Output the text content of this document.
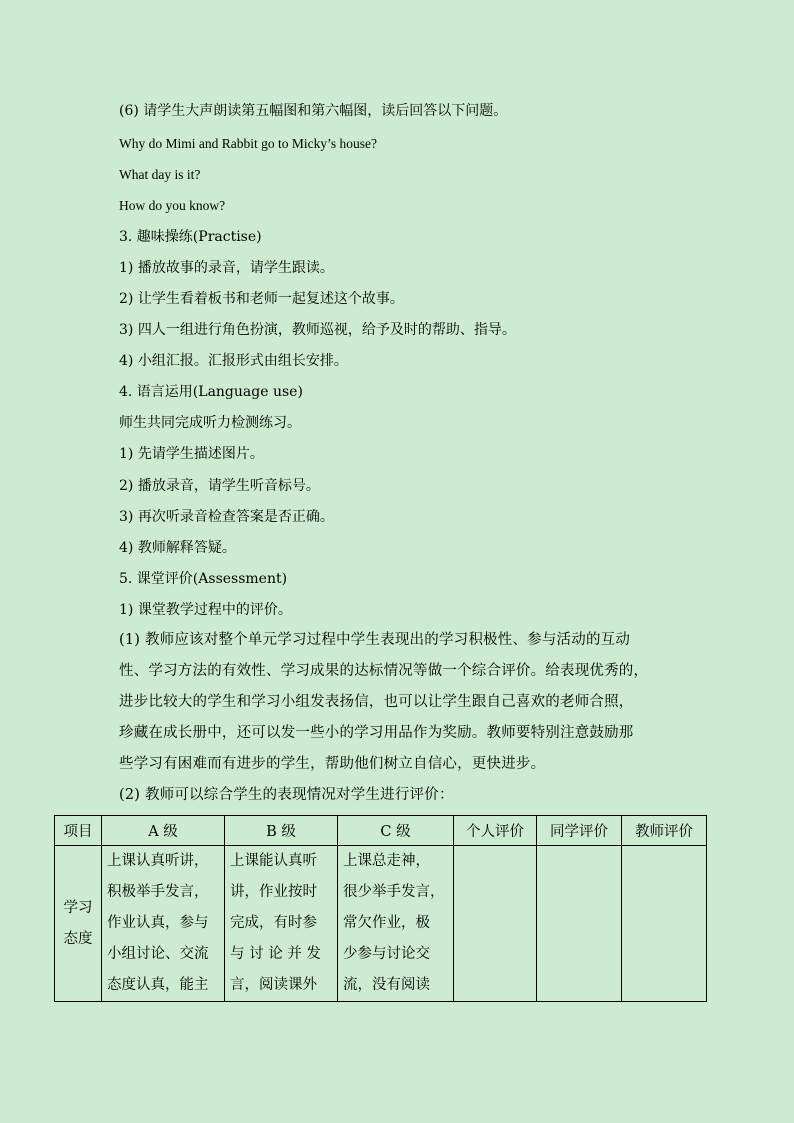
(6) 请学生大声朗读第五幅图和第六幅图，读后回答以下问题。
Why do Mimi and Rabbit go to Micky’s house?
What day is it?
How do you know?
3. 趣味操练(Practise)
1) 播放故事的录音，请学生跟读。
2) 让学生看着板书和老师一起复述这个故事。
3) 四人一组进行角色扮演，教师巡视，给予及时的帮助、指导。
4) 小组汇报。汇报形式由组长安排。
4. 语言运用(Language use)
师生共同完成听力检测练习。
1) 先请学生描述图片。
2) 播放录音，请学生听音标号。
3) 再次听录音检查答案是否正确。
4) 教师解释答疑。
5. 课堂评价(Assessment)
1) 课堂教学过程中的评价。
(1) 教师应该对整个单元学习过程中学生表现出的学习积极性、参与活动的互动
性、学习方法的有效性、学习成果的达标情况等做一个综合评价。给表现优秀的，
进步比较大的学生和学习小组发表扬信，也可以让学生跟自己喜欢的老师合照，
珍藏在成长册中，还可以发一些小的学习用品作为奖励。教师要特别注意鼓励那
些学习有困难而有进步的学生，帮助他们树立自信心，更快进步。
(2) 教师可以综合学生的表现情况对学生进行评价：
项目	A 级	B 级	C 级	个人评价	同学评价	教师评价

学习
态度	上课认真听讲，
积极举手发言，
作业认真，参与
小组讨论、交流
态度认真，能主	上课能认真听
讲，作业按时
完成，有时参
与 讨 论 并 发
言，阅读课外	上课总走神，
很少举手发言，
常欠作业，极
少参与讨论交
流，没有阅读			
